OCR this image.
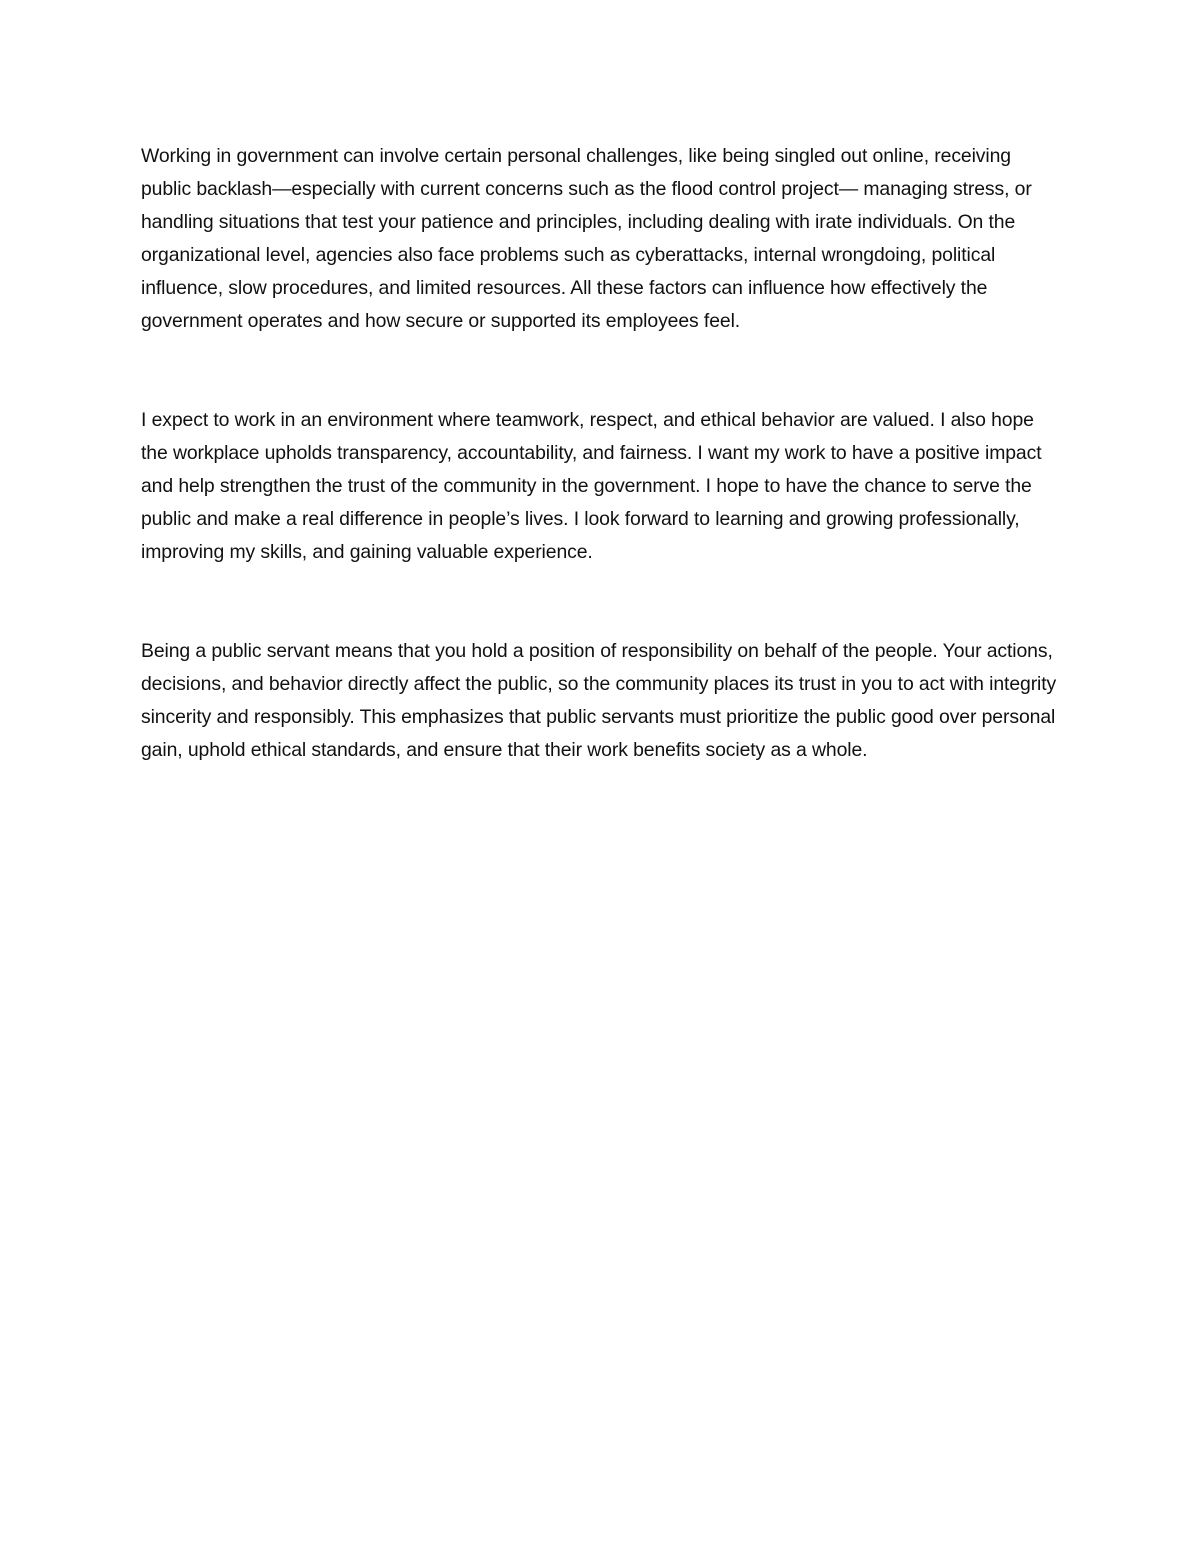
Working in government can involve certain personal challenges, like being singled out online, receiving public backlash—especially with current concerns such as the flood control project— managing stress, or handling situations that test your patience and principles, including dealing with irate individuals. On the organizational level, agencies also face problems such as cyberattacks, internal wrongdoing, political influence, slow procedures, and limited resources. All these factors can influence how effectively the government operates and how secure or supported its employees feel.

I expect to work in an environment where teamwork, respect, and ethical behavior are valued. I also hope the workplace upholds transparency, accountability, and fairness. I want my work to have a positive impact and help strengthen the trust of the community in the government. I hope to have the chance to serve the public and make a real difference in people’s lives. I look forward to learning and growing professionally, improving my skills, and gaining valuable experience.

Being a public servant means that you hold a position of responsibility on behalf of the people. Your actions, decisions, and behavior directly affect the public, so the community places its trust in you to act with integrity sincerity and responsibly. This emphasizes that public servants must prioritize the public good over personal gain, uphold ethical standards, and ensure that their work benefits society as a whole.
